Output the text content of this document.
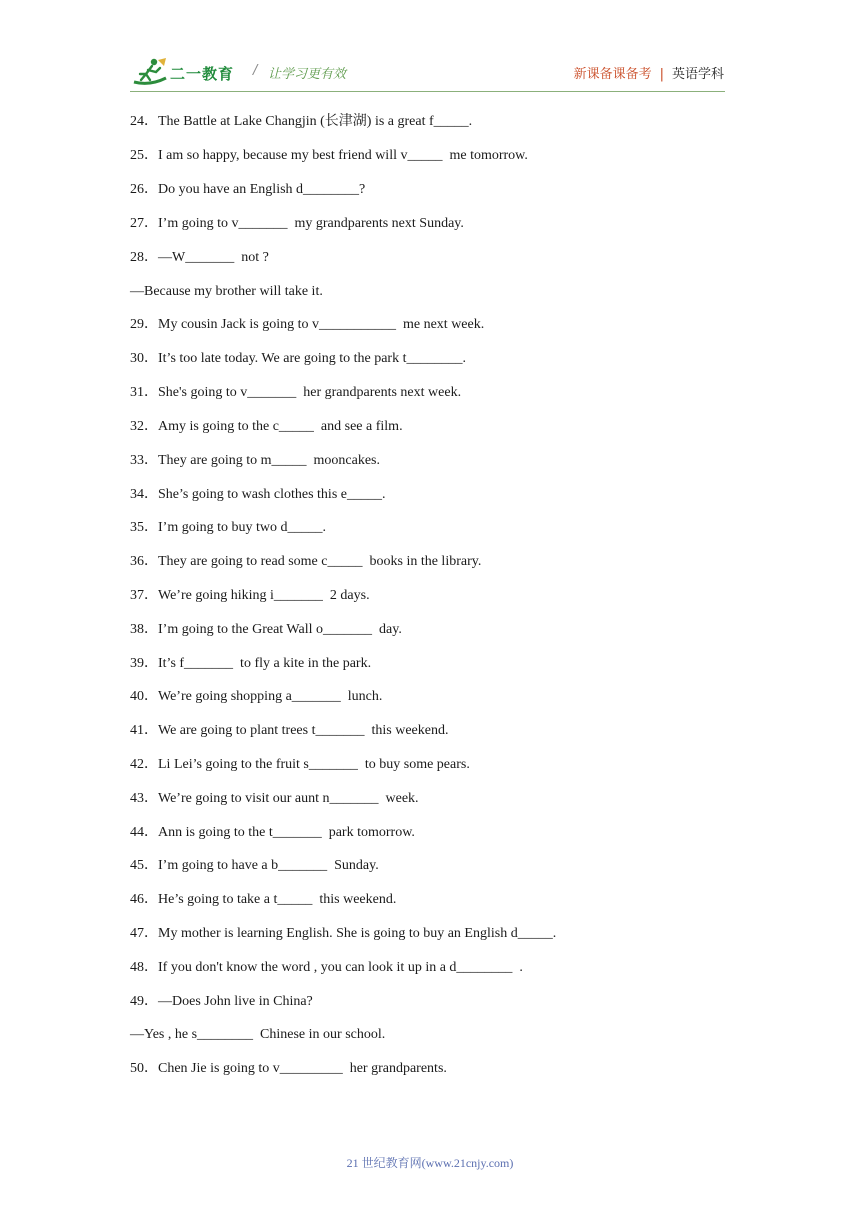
二一教育 / 让学习更有效	新课备课备考 | 英语学科
24．The Battle at Lake Changjin (长津湖) is a great f_____.
25．I am so happy, because my best friend will v_____  me tomorrow.
26．Do you have an English d________?
27．I’m going to v_______  my grandparents next Sunday.
28．—W_______  not ?
—Because my brother will take it.
29．My cousin Jack is going to v___________  me next week.
30．It’s too late today. We are going to the park t________.
31．She's going to v_______  her grandparents next week.
32．Amy is going to the c_____  and see a film.
33．They are going to m_____  mooncakes.
34．She’s going to wash clothes this e_____.
35．I’m going to buy two d_____.
36．They are going to read some c_____  books in the library.
37．We’re going hiking i_______  2 days.
38．I’m going to the Great Wall o_______  day.
39．It’s f_______  to fly a kite in the park.
40．We’re going shopping a_______  lunch.
41．We are going to plant trees t_______  this weekend.
42．Li Lei’s going to the fruit s_______  to buy some pears.
43．We’re going to visit our aunt n_______  week.
44．Ann is going to the t_______  park tomorrow.
45．I’m going to have a b_______  Sunday.
46．He’s going to take a t_____  this weekend.
47．My mother is learning English. She is going to buy an English d_____.
48．If you don't know the word , you can look it up in a d________  .
49．—Does John live in China?
—Yes , he s________  Chinese in our school.
50．Chen Jie is going to v_________  her grandparents.
21 世纪教育网(www.21cnjy.com)
